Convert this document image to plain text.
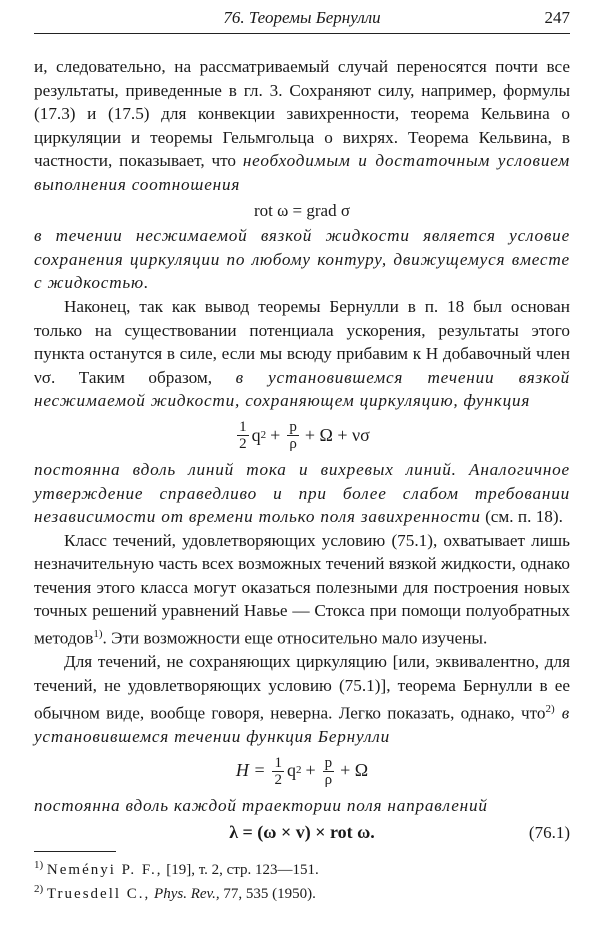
76. Теоремы Бернулли	247

и, следовательно, на рассматриваемый случай переносятся почти все результаты, приведенные в гл. 3. Сохраняют силу, например, формулы (17.3) и (17.5) для конвекции завихренности, теорема Кельвина о циркуляции и теоремы Гельмгольца о вихрях. Теорема Кельвина, в частности, показывает, что необходимым и достаточным условием выполнения соотношения

rot ω = grad σ

в течении несжимаемой вязкой жидкости является условие сохранения циркуляции по любому контуру, движущемуся вместе с жидкостью.

Наконец, так как вывод теоремы Бернулли в п. 18 был основан только на существовании потенциала ускорения, результаты этого пункта останутся в силе, если мы всюду прибавим к H добавочный член νσ. Таким образом, в установившемся течении вязкой несжимаемой жидкости, сохраняющем циркуляцию, функция

$\frac{1}{2}$ q $2 + \frac{p}{\rho} + \Omega + \nu\sigma$

постоянна вдоль линий тока и вихревых линий. Аналогичное утверждение справедливо и при более слабом требовании независимости от времени только поля завихренности (см. п. 18).

Класс течений, удовлетворяющих условию (75.1), охватывает лишь незначительную часть всех возможных течений вязкой жидкости, однако течения этого класса могут оказаться полезными для построения новых точных решений уравнений Навье — Стокса при помощи полуобратных методов$^{1)}$. Эти возможности еще относительно мало изучены.

Для течений, не сохраняющих циркуляцию [или, эквивалентно, для течений, не удовлетворяющих условию (75.1)], теорема Бернулли в ее обычном виде, вообще говоря, неверна. Легко показать, однако, что$^{2)}$ в установившемся течении функция Бернулли

$H = \frac{1}{2}$ q $2 + \frac{p}{\rho} + \Omega$

постоянна вдоль каждой траектории поля направлений

λ = (ω × v) × rot ω.	(76.1)
$^{1)}$ Neményi P. F., [19], т. 2, стр. 123—151.
$^{2)}$ Truesdell C., Phys. Rev., 77, 535 (1950).
